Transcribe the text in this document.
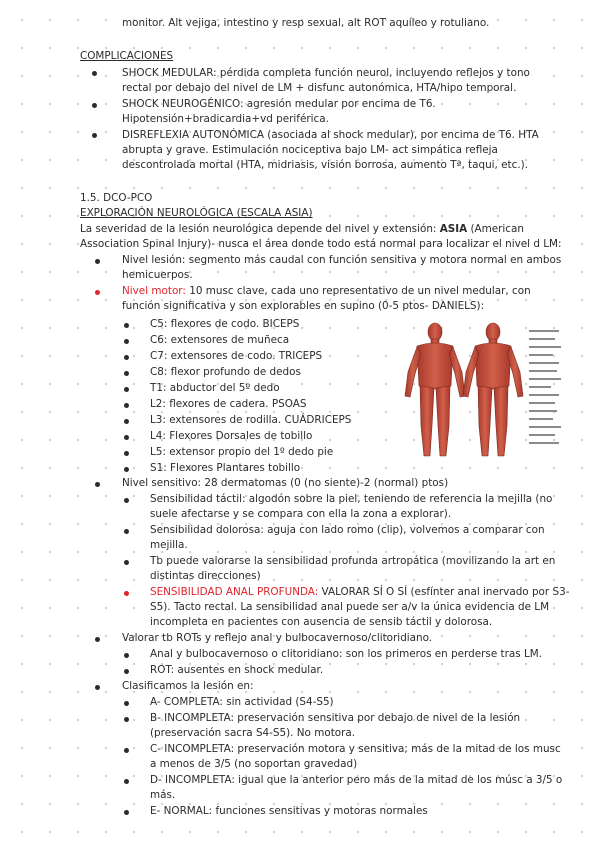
monitor. Alt vejiga, intestino y resp sexual, alt ROT aquíleo y rotuliano.
COMPLICACIONES
SHOCK MEDULAR: pérdida completa función neurol, incluyendo reflejos y tono
rectal por debajo del nivel de LM + disfunc autonómica, HTA/hipo temporal.
SHOCK NEUROGÉNICO: agresión medular por encima de T6.
Hipotensión+bradicardia+vd periférica.
DISREFLEXIA AUTONÓMICA (asociada al shock medular), por encima de T6. HTA
abrupta y grave. Estimulación nociceptiva bajo LM- act simpática refleja
descontrolada mortal (HTA, midriasis, visión borrosa, aumento Tª, taqui, etc.).
1.5. DCO-PCO
EXPLORACIÓN NEUROLÓGICA (ESCALA ASIA)
La severidad de la lesión neurológica depende del nivel y extensión: ASIA (American
Association Spinal Injury)- nusca el área donde todo está normal para localizar el nivel d LM:
Nivel lesión: segmento más caudal con función sensitiva y motora normal en ambos
hemicuerpos.
Nivel motor: 10 musc clave, cada uno representativo de un nivel medular, con
función significativa y son explorables en supino (0-5 ptos- DANIELS):
C5: flexores de codo. BICEPS
C6: extensores de muñeca
C7: extensores de codo. TRICEPS
C8: flexor profundo de dedos
T1: abductor del 5º dedo
L2: flexores de cadera. PSOAS
L3: extensores de rodilla. CUÁDRICEPS
L4: Flexores Dorsales de tobillo
L5: extensor propio del 1º dedo pie
S1: Flexores Plantares tobillo
Nivel sensitivo: 28 dermatomas (0 (no siente)-2 (normal) ptos)
Sensibilidad táctil: algodón sobre la piel, teniendo de referencia la mejilla (no
suele afectarse y se compara con ella la zona a explorar).
Sensibilidad dolorosa: aguja con lado romo (clip), volvemos a comparar con
mejilla.
Tb puede valorarse la sensibilidad profunda artropática (movilizando la art en
distintas direcciones)
SENSIBILIDAD ANAL PROFUNDA: VALORAR SÍ O SÍ (esfínter anal inervado por S3-
S5). Tacto rectal. La sensibilidad anal puede ser a/v la única evidencia de LM
incompleta en pacientes con ausencia de sensib táctil y dolorosa.
Valorar tb ROTs y reflejo anal y bulbocavernoso/clitoridiano.
Anal y bulbocavernoso o clitoridiano: son los primeros en perderse tras LM.
ROT: ausentes en shock medular.
Clasificamos la lesión en:
A- COMPLETA: sin actividad (S4-S5)
B- INCOMPLETA: preservación sensitiva por debajo de nivel de la lesión
(preservación sacra S4-S5). No motora.
C- INCOMPLETA: preservación motora y sensitiva; más de la mitad de los musc
a menos de 3/5 (no soportan gravedad)
D- INCOMPLETA: igual que la anterior pero más de la mitad de los músc a 3/5 o
más.
E- NORMAL: funciones sensitivas y motoras normales
